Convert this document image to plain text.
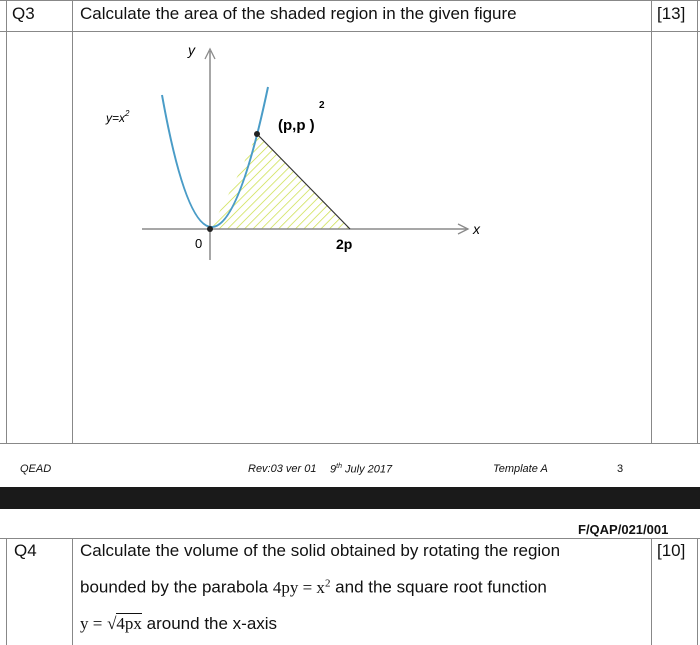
Q3	Calculate the area of the shaded region in the given figure	[13]
y
x
$y=x^2$
2
(p,p )
0	2p
QEAD	Rev:03 ver 01 9th July 2017	Template A	3
F/QAP/021/001
Q4	Calculate the volume of the solid obtained by rotating the region	[10]
bounded by the parabola $4py = x^2$ and the square root function
y = √4px around the x-axis
